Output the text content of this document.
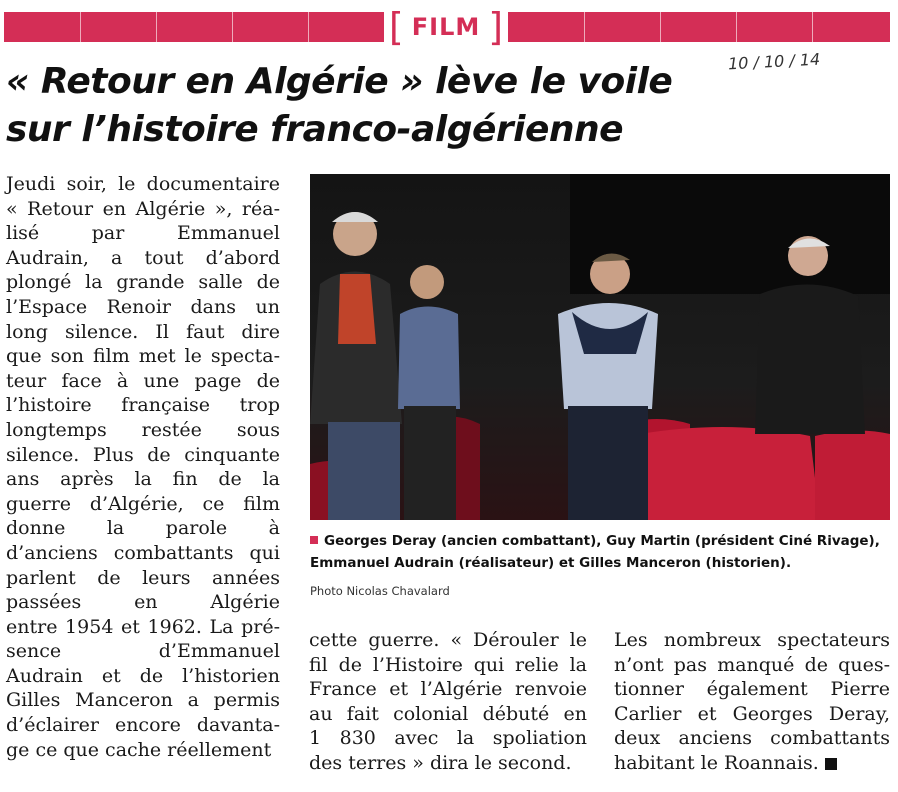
[ FILM ]
10 / 10 / 14
« Retour en Algérie » lève le voile
sur l’histoire franco-algérienne
Jeudi soir, le documentaire
« Retour en Algérie », réa-
lisé par Emmanuel
Audrain, a tout d’abord
plongé la grande salle de
l’Espace Renoir dans un
long silence. Il faut dire
que son film met le specta-
teur face à une page de
l’histoire française trop
longtemps restée sous
silence. Plus de cinquante
ans après la fin de la
guerre d’Algérie, ce film
donne la parole à
d’anciens combattants qui
parlent de leurs années
passées en Algérie
entre 1954 et 1962. La pré-
sence d’Emmanuel
Audrain et de l’historien
Gilles Manceron a permis
d’éclairer encore davanta-
ge ce que cache réellement
Georges Deray (ancien combattant), Guy Martin (président Ciné Rivage),
Emmanuel Audrain (réalisateur) et Gilles Manceron (historien).
Photo Nicolas Chavalard
cette guerre. « Dérouler le
fil de l’Histoire qui relie la
France et l’Algérie renvoie
au fait colonial débuté en
1 830 avec la spoliation
des terres » dira le second.
Les nombreux spectateurs
n’ont pas manqué de ques-
tionner également Pierre
Carlier et Georges Deray,
deux anciens combattants
habitant le Roannais.
